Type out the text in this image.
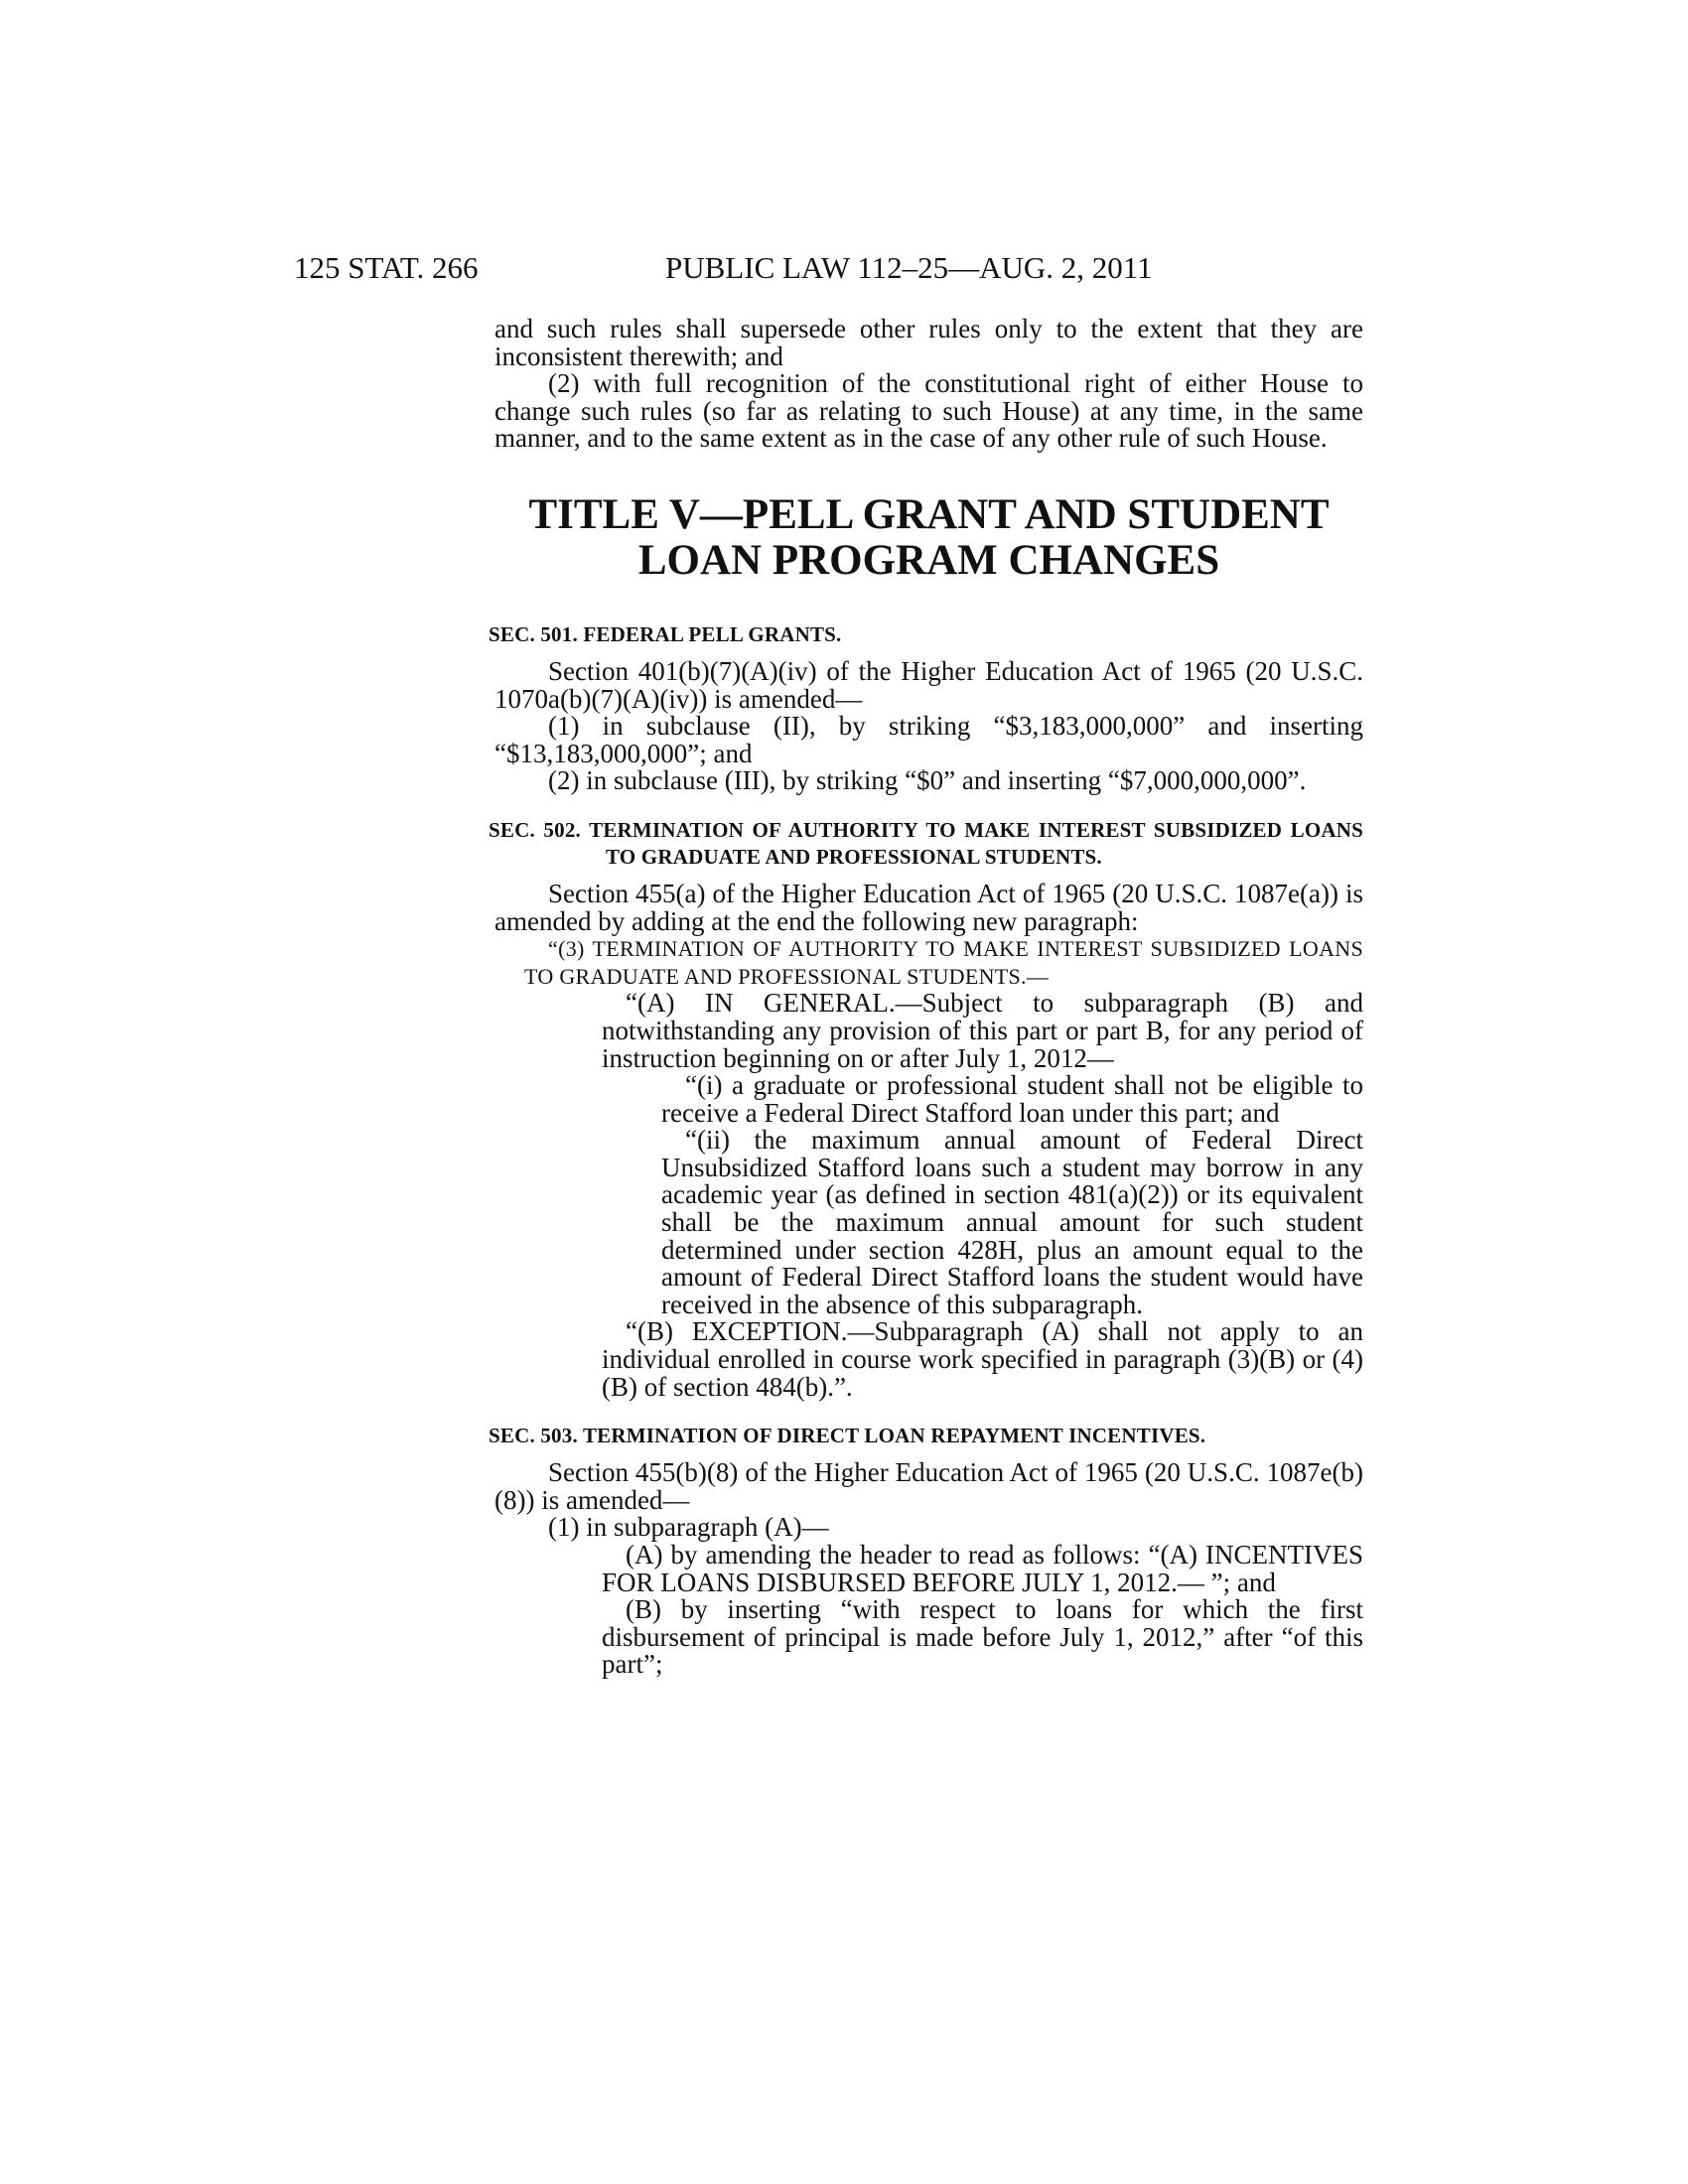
125 STAT. 266	PUBLIC LAW 112–25—AUG. 2, 2011

and such rules shall supersede other rules only to the extent that they are inconsistent therewith; and

(2) with full recognition of the constitutional right of either House to change such rules (so far as relating to such House) at any time, in the same manner, and to the same extent as in the case of any other rule of such House.

TITLE V—PELL GRANT AND STUDENT
LOAN PROGRAM CHANGES

SEC. 501. FEDERAL PELL GRANTS.

Section 401(b)(7)(A)(iv) of the Higher Education Act of 1965 (20 U.S.C. 1070a(b)(7)(A)(iv)) is amended—

(1) in subclause (II), by striking “$3,183,000,000” and inserting “$13,183,000,000”; and

(2) in subclause (III), by striking “$0” and inserting “$7,000,000,000”.

SEC. 502. TERMINATION OF AUTHORITY TO MAKE INTEREST SUBSIDIZED LOANS TO GRADUATE AND PROFESSIONAL STUDENTS.

Section 455(a) of the Higher Education Act of 1965 (20 U.S.C. 1087e(a)) is amended by adding at the end the following new paragraph:

“(3) TERMINATION OF AUTHORITY TO MAKE INTEREST SUBSIDIZED LOANS TO GRADUATE AND PROFESSIONAL STUDENTS.—

“(A) IN GENERAL.—Subject to subparagraph (B) and notwithstanding any provision of this part or part B, for any period of instruction beginning on or after July 1, 2012—

“(i) a graduate or professional student shall not be eligible to receive a Federal Direct Stafford loan under this part; and

“(ii) the maximum annual amount of Federal Direct Unsubsidized Stafford loans such a student may borrow in any academic year (as defined in section 481(a)(2)) or its equivalent shall be the maximum annual amount for such student determined under section 428H, plus an amount equal to the amount of Federal Direct Stafford loans the student would have received in the absence of this subparagraph.

“(B) EXCEPTION.—Subparagraph (A) shall not apply to an individual enrolled in course work specified in paragraph (3)(B) or (4)(B) of section 484(b).”.

SEC. 503. TERMINATION OF DIRECT LOAN REPAYMENT INCENTIVES.

Section 455(b)(8) of the Higher Education Act of 1965 (20 U.S.C. 1087e(b)(8)) is amended—

(1) in subparagraph (A)—

(A) by amending the header to read as follows: “(A) INCENTIVES FOR LOANS DISBURSED BEFORE JULY 1, 2012.— ”; and

(B) by inserting “with respect to loans for which the first disbursement of principal is made before July 1, 2012,” after “of this part”;
